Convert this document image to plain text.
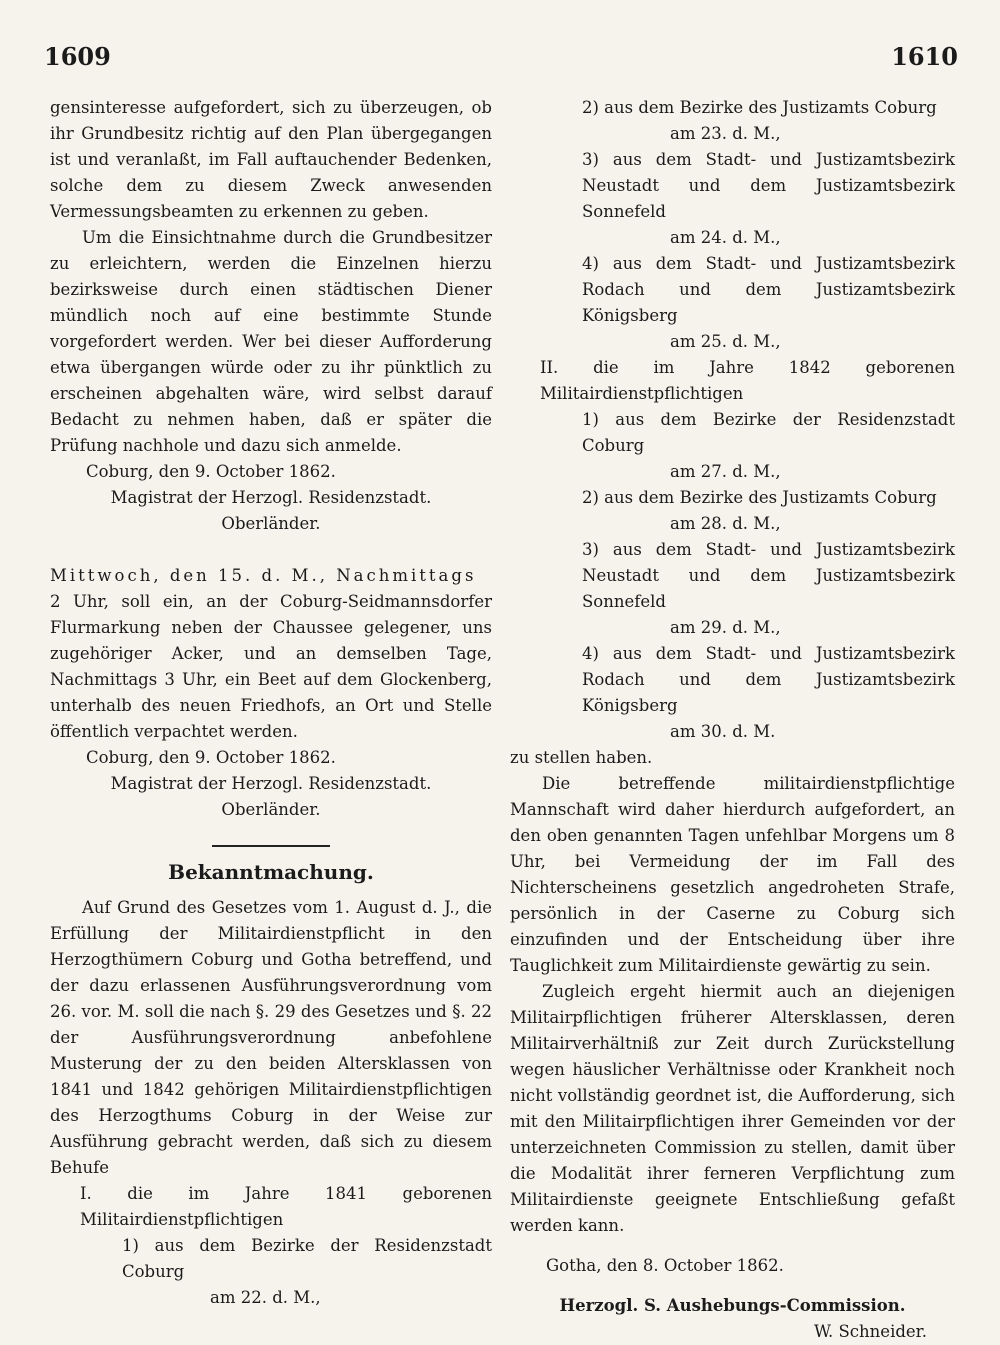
1609	1610

gensinteresse aufgefordert, sich zu überzeugen, ob ihr Grundbesitz richtig auf den Plan übergegangen ist und veranlaßt, im Fall auftauchender Bedenken, solche dem zu diesem Zweck anwesenden Vermessungsbeamten zu erkennen zu geben.

Um die Einsichtnahme durch die Grundbesitzer zu erleichtern, werden die Einzelnen hierzu bezirksweise durch einen städtischen Diener mündlich noch auf eine bestimmte Stunde vorgefordert werden. Wer bei dieser Aufforderung etwa übergangen würde oder zu ihr pünktlich zu erscheinen abgehalten wäre, wird selbst darauf Bedacht zu nehmen haben, daß er später die Prüfung nachhole und dazu sich anmelde.

Coburg, den 9. October 1862.

Magistrat der Herzogl. Residenzstadt.

Oberländer.

Mittwoch, den 15. d. M., Nachmittags

2 Uhr, soll ein, an der Coburg-Seidmannsdorfer Flurmarkung neben der Chaussee gelegener, uns zugehöriger Acker, und an demselben Tage, Nachmittags 3 Uhr, ein Beet auf dem Glockenberg, unterhalb des neuen Friedhofs, an Ort und Stelle öffentlich verpachtet werden.

Coburg, den 9. October 1862.

Magistrat der Herzogl. Residenzstadt.

Oberländer.

Bekanntmachung.

Auf Grund des Gesetzes vom 1. August d. J., die Erfüllung der Militairdienstpflicht in den Herzogthümern Coburg und Gotha betreffend, und der dazu erlassenen Ausführungsverordnung vom 26. vor. M. soll die nach §. 29 des Gesetzes und §. 22 der Ausführungsverordnung anbefohlene Musterung der zu den beiden Altersklassen von 1841 und 1842 gehörigen Militairdienstpflichtigen des Herzogthums Coburg in der Weise zur Ausführung gebracht werden, daß sich zu diesem Behufe

I. die im Jahre 1841 geborenen Militairdienstpflichtigen

1) aus dem Bezirke der Residenzstadt Coburg

am 22. d. M.,

2) aus dem Bezirke des Justizamts Coburg

am 23. d. M.,

3) aus dem Stadt- und Justizamtsbezirk Neustadt und dem Justizamtsbezirk Sonnefeld

am 24. d. M.,

4) aus dem Stadt- und Justizamtsbezirk Rodach und dem Justizamtsbezirk Königsberg

am 25. d. M.,

II. die im Jahre 1842 geborenen Militairdienstpflichtigen

1) aus dem Bezirke der Residenzstadt Coburg

am 27. d. M.,

2) aus dem Bezirke des Justizamts Coburg

am 28. d. M.,

3) aus dem Stadt- und Justizamtsbezirk Neustadt und dem Justizamtsbezirk Sonnefeld

am 29. d. M.,

4) aus dem Stadt- und Justizamtsbezirk Rodach und dem Justizamtsbezirk Königsberg

am 30. d. M.

zu stellen haben.

Die betreffende militairdienstpflichtige Mannschaft wird daher hierdurch aufgefordert, an den oben genannten Tagen unfehlbar Morgens um 8 Uhr, bei Vermeidung der im Fall des Nichterscheinens gesetzlich angedroheten Strafe, persönlich in der Caserne zu Coburg sich einzufinden und der Entscheidung über ihre Tauglichkeit zum Militairdienste gewärtig zu sein.

Zugleich ergeht hiermit auch an diejenigen Militairpflichtigen früherer Altersklassen, deren Militairverhältniß zur Zeit durch Zurückstellung wegen häuslicher Verhältnisse oder Krankheit noch nicht vollständig geordnet ist, die Aufforderung, sich mit den Militairpflichtigen ihrer Gemeinden vor der unterzeichneten Commission zu stellen, damit über die Modalität ihrer ferneren Verpflichtung zum Militairdienste geeignete Entschließung gefaßt werden kann.

Gotha, den 8. October 1862.

Herzogl. S. Aushebungs-Commission.

W. Schneider.
